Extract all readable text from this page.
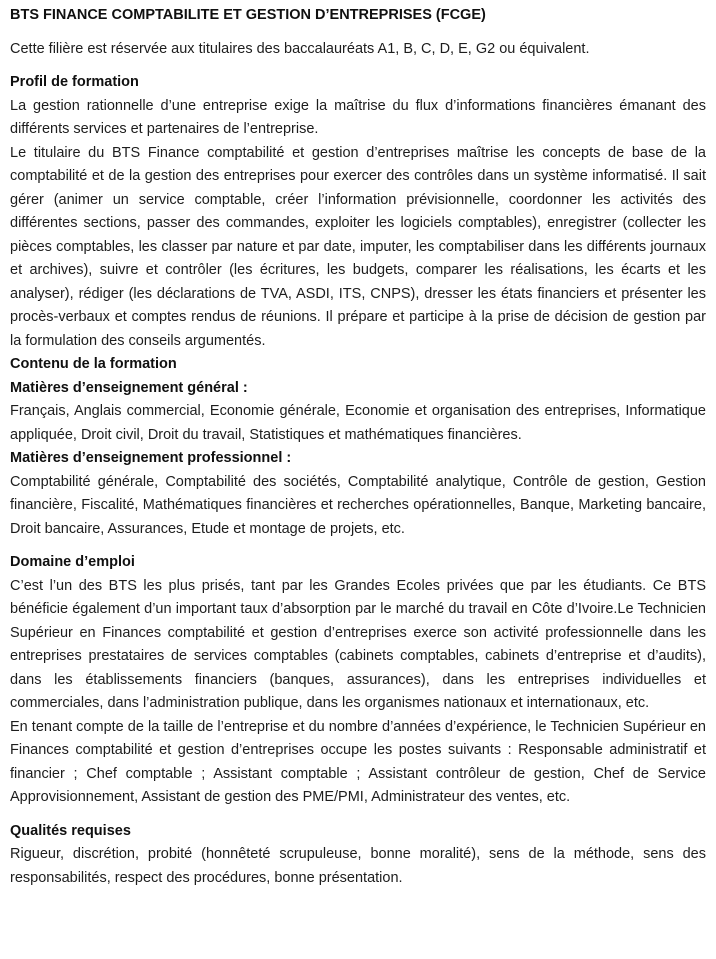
BTS FINANCE COMPTABILITE ET GESTION D’ENTREPRISES (FCGE)
Cette filière est réservée aux titulaires des baccalauréats A1, B, C, D, E, G2 ou équivalent.
Profil de formation
La gestion rationnelle d’une entreprise exige la maîtrise du flux d’informations financières émanant des différents services et partenaires de l’entreprise.
Le titulaire du BTS Finance comptabilité et gestion d’entreprises maîtrise les concepts de base de la comptabilité et de la gestion des entreprises pour exercer des contrôles dans un système informatisé. Il sait gérer (animer un service comptable, créer l’information prévisionnelle, coordonner les activités des différentes sections, passer des commandes, exploiter les logiciels comptables), enregistrer (collecter les pièces comptables, les classer par nature et par date, imputer, les comptabiliser dans les différents journaux et archives), suivre et contrôler (les écritures, les budgets, comparer les réalisations, les écarts et les analyser), rédiger (les déclarations de TVA, ASDI, ITS, CNPS), dresser les états financiers et présenter les procès-verbaux et comptes rendus de réunions. Il prépare et participe à la prise de décision de gestion par la formulation des conseils argumentés.
Contenu de la formation
Matières d’enseignement général :
Français, Anglais commercial, Economie générale, Economie et organisation des entreprises, Informatique appliquée, Droit civil, Droit du travail, Statistiques et mathématiques financières.
Matières d’enseignement professionnel :
Comptabilité générale, Comptabilité des sociétés, Comptabilité analytique, Contrôle de gestion, Gestion financière, Fiscalité, Mathématiques financières et recherches opérationnelles, Banque, Marketing bancaire, Droit bancaire, Assurances, Etude et montage de projets, etc.
Domaine d’emploi
C’est l’un des BTS les plus prisés, tant par les Grandes Ecoles privées que par les étudiants. Ce BTS bénéficie également d’un important taux d’absorption par le marché du travail en Côte d’Ivoire.Le Technicien Supérieur en Finances comptabilité et gestion d’entreprises exerce son activité professionnelle dans les entreprises prestataires de services comptables (cabinets comptables, cabinets d’entreprise et d’audits), dans les établissements financiers (banques, assurances), dans les entreprises individuelles et commerciales, dans l’administration publique, dans les organismes nationaux et internationaux, etc.
En tenant compte de la taille de l’entreprise et du nombre d’années d’expérience, le Technicien Supérieur en Finances comptabilité et gestion d’entreprises occupe les postes suivants : Responsable administratif et financier ; Chef comptable ; Assistant comptable ; Assistant contrôleur de gestion, Chef de Service Approvisionnement, Assistant de gestion des PME/PMI, Administrateur des ventes, etc.
Qualités requises
Rigueur, discrétion, probité (honnêteté scrupuleuse, bonne moralité), sens de la méthode, sens des responsabilités, respect des procédures, bonne présentation.
